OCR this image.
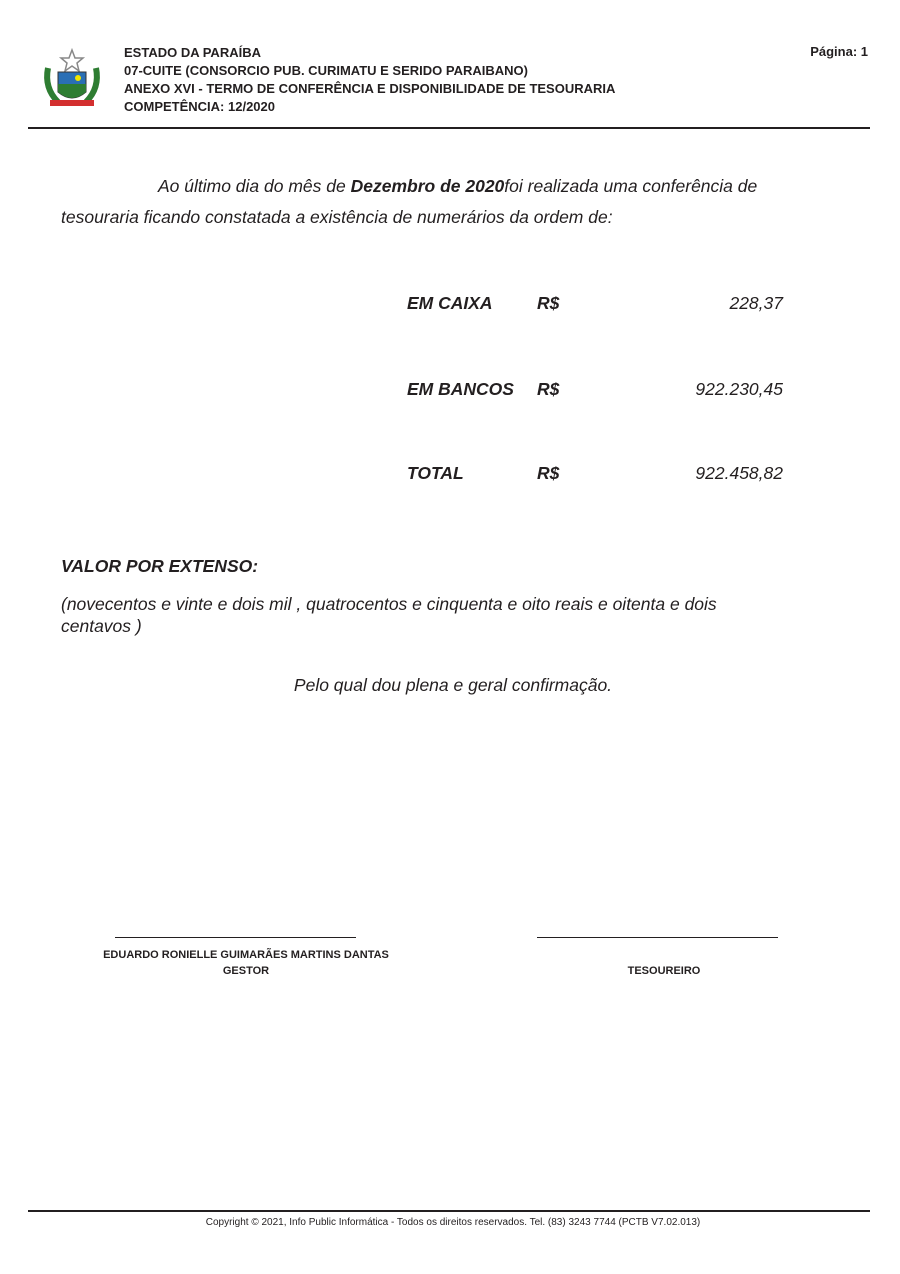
ESTADO DA PARAÍBA
07-CUITE (CONSORCIO PUB. CURIMATU E SERIDO PARAIBANO)
ANEXO XVI - TERMO DE CONFERÊNCIA E DISPONIBILIDADE DE TESOURARIA
COMPETÊNCIA: 12/2020
Página: 1
Ao último dia do mês de Dezembro de 2020foi realizada uma conferência de
tesouraria ficando constatada a existência de numerários da ordem de:
EM CAIXA	R$	228,37
EM BANCOS R$	922.230,45
TOTAL	R$	922.458,82
VALOR POR EXTENSO:
(novecentos e vinte e dois mil , quatrocentos e cinquenta e oito reais e oitenta e dois centavos )
Pelo qual dou plena e geral confirmação.
EDUARDO RONIELLE GUIMARÃES MARTINS DANTAS
GESTOR	TESOUREIRO
Copyright © 2021, Info Public Informática - Todos os direitos reservados. Tel. (83) 3243 7744 (PCTB V7.02.013)
